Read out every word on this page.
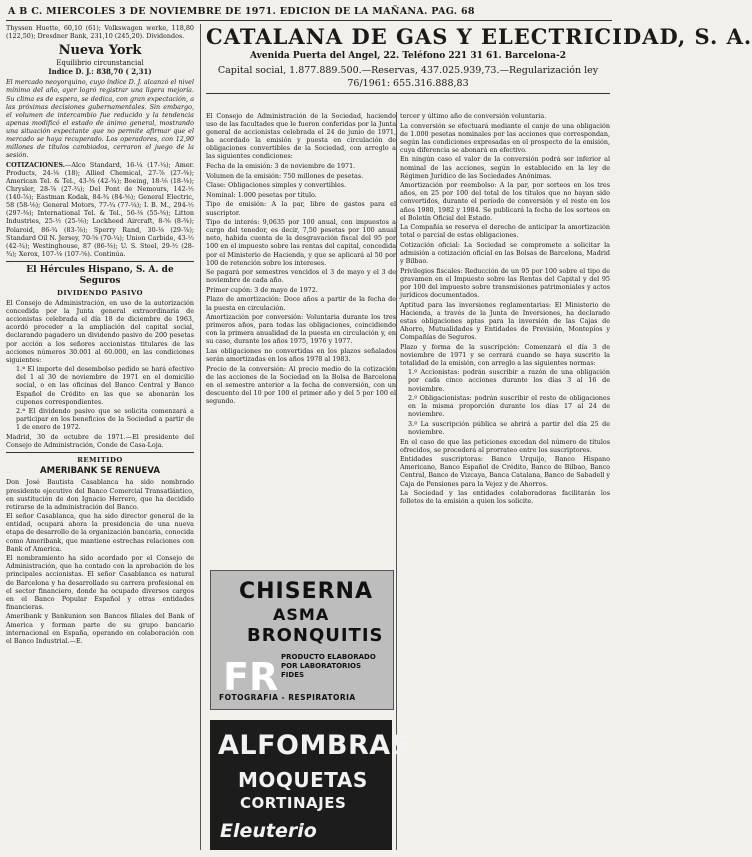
A B C. MIERCOLES 3 DE NOVIEMBRE DE 1971. EDICION DE LA MAÑANA. PAG. 68

Thyssen Huette, 60,10 (61); Volkswagen werke, 118,80 (122,50); Dresdner Bank, 231,10 (245,20). Dividendos.

Nueva York
Equilibrio circunstancial
Indice D. J.: 838,70 ( 2,31)

El mercado neoyorquino, cuyo índice D. J. alcanzó el nivel mínimo del año, ayer logró registrar una ligera mejoría. Su clima es de espera, se dedica, con gran expectación, a las próximas decisiones gubernamentales. Sin embargo, el volumen de intercambio fue reducido y la tendencia apenas modificó el estado de ánimo general, mostrando una situación expectante que no permite afirmar que el mercado se haya recuperado. Los operadores, con 12,90 millones de títulos cambiados, cerraron el juego de la sesión.

COTIZACIONES.—Alco Standard, 16-¼ (17-¼); Amer. Products, 24-⅛ (18); Allied Chemical, 27-⅞ (27-⅜); American Tel. & Tel., 43-⅝ (42-¾); Boeing, 18-⅛ (18-⅛); Chrysler, 28-⅞ (27-¾); Del Pont de Nemours, 142-½ (140-⅞); Eastman Kodak, 84-¾ (84-⅝); General Electric, 58 (58-⅛); General Motors, 77-¾ (77-¼); I. B. M., 294-½ (297-⅜); International Tel. & Tel., 56-⅛ (55-⅝); Litton Industries, 25-½ (25-⅛); Lockheed Aircraft, 8-⅝ (8-⅜); Polaroid, 86-¾ (83-⅞); Sperry Rand, 30-⅛ (29-⅞); Standard Oil N. Jersey, 70-⅝ (70-¼); Union Carbide, 43-½ (42-¾); Westinghouse, 87 (86-⅜); U. S. Steel, 29-½ (28-¾); Xerox, 107-⅛ (107-⅝). Continúa.

El Hércules Hispano, S. A. de Seguros
DIVIDENDO PASIVO

El Consejo de Administración, en uso de la autorización concedida por la Junta general extraordinaria de accionistas celebrada el día 18 de diciembre de 1963, acordó proceder a la ampliación del capital social, declarando pagadero un dividendo pasivo de 200 pesetas por acción a los señores accionistas titulares de las acciones números 30.001 al 60.000, en las condiciones siguientes:

1.ª El importe del desembolso pedido se hará efectivo del 1 al 30 de noviembre de 1971 en el domicilio social, o en las oficinas del Banco Central y Banco Español de Crédito en las que se abonarán los cupones correspondientes.

2.ª El dividendo pasivo que se solicita comenzará a participar en los beneficios de la Sociedad a partir de 1 de enero de 1972.

Madrid, 30 de octubre de 1971.—El presidente del Consejo de Administración, Conde de Casa-Loja.

REMITIDO
AMERIBANK SE RENUEVA

Don José Bautista Casablanca ha sido nombrado presidente ejecutivo del Banco Comercial Transatlántico, en sustitución de don Ignacio Herrero, que ha decidido retirarse de la administración del Banco.

El señor Casablanca, que ha sido director general de la entidad, ocupará ahora la presidencia de una nueva etapa de desarrollo de la organización bancaria, conocida como Ameribank, que mantiene estrechas relaciones con Bank of America.

El nombramiento ha sido acordado por el Consejo de Administración, que ha contado con la aprobación de los principales accionistas. El señor Casablanca es natural de Barcelona y ha desarrollado su carrera profesional en el sector financiero, donde ha ocupado diversos cargos en el Banco Popular Español y otras entidades financieras.

Ameribank y Bankunion son Bancos filiales del Bank of America y forman parte de su grupo bancario internacional en España, operando en colaboración con el Banco Industrial.—E.

CATALANA DE GAS Y ELECTRICIDAD, S. A.
Avenida Puerta del Angel, 22. Teléfono 221 31 61. Barcelona-2
Capital social, 1.877.889.500.—Reservas, 437.025.939,73.—Regularización ley 76/1961: 655.316.888,83

El Consejo de Administración de la Sociedad, haciendo uso de las facultades que le fueron conferidas por la Junta general de accionistas celebrada el 24 de junio de 1971, ha acordado la emisión y puesta en circulación de obligaciones convertibles de la Sociedad, con arreglo a las siguientes condiciones:

Fecha de la emisión: 3 de noviembre de 1971.

Volumen de la emisión: 750 millones de pesetas.

Clase: Obligaciones simples y convertibles.

Nominal: 1.000 pesetas por título.

Tipo de emisión: A la par, libre de gastos para el suscriptor.

Tipo de interés: 9,0635 por 100 anual, con impuestos a cargo del tenedor, es decir, 7,50 pesetas por 100 anual neto, habida cuenta de la desgravación fiscal del 95 por 100 en el impuesto sobre las rentas del capital, concedida por el Ministerio de Hacienda, y que se aplicará al 50 por 100 de retención sobre los intereses.

Se pagará por semestres vencidos el 3 de mayo y el 3 de noviembre de cada año.

Primer cupón: 3 de mayo de 1972.

Plazo de amortización: Doce años a partir de la fecha de la puesta en circulación.

Amortización por conversión: Voluntaria durante los tres primeros años, para todas las obligaciones, coincidiendo con la primera anualidad de la puesta en circulación y, en su caso, durante los años 1975, 1976 y 1977.

Las obligaciones no convertidas en los plazos señalados serán amortizadas en los años 1978 al 1983.

Precio de la conversión: Al precio medio de la cotización de las acciones de la Sociedad en la Bolsa de Barcelona en el semestre anterior a la fecha de conversión, con un descuento del 10 por 100 el primer año y del 5 por 100 el segundo.

tercer y último año de conversión voluntaria.

La conversión se efectuará mediante el canje de una obligación de 1.000 pesetas nominales por las acciones que correspondan, según las condiciones expresadas en el prospecto de la emisión, cuya diferencia se abonará en efectivo.

En ningún caso el valor de la conversión podrá ser inferior al nominal de las acciones, según lo establecido en la ley de Régimen Jurídico de las Sociedades Anónimas.

Amortización por reembolso: A la par, por sorteos en los tres años, en 25 por 100 del total de los títulos que no hayan sido convertidos, durante el período de conversión y el resto en los años 1980, 1982 y 1984. Se publicará la fecha de los sorteos en el Boletín Oficial del Estado.

La Compañía se reserva el derecho de anticipar la amortización total o parcial de estas obligaciones.

Cotización oficial: La Sociedad se compromete a solicitar la admisión a cotización oficial en las Bolsas de Barcelona, Madrid y Bilbao.

Privilegios fiscales: Reducción de un 95 por 100 sobre el tipo de gravamen en el Impuesto sobre las Rentas del Capital y del 95 por 100 del impuesto sobre transmisiones patrimoniales y actos jurídicos documentados.

Aptitud para las inversiones reglamentarias: El Ministerio de Hacienda, a través de la Junta de Inversiones, ha declarado estas obligaciones aptas para la inversión de las Cajas de Ahorro, Mutualidades y Entidades de Previsión, Montepíos y Compañías de Seguros.

Plazo y forma de la suscripción: Comenzará el día 3 de noviembre de 1971 y se cerrará cuando se haya suscrito la totalidad de la emisión, con arreglo a las siguientes normas:

1.º Accionistas: podrán suscribir a razón de una obligación por cada cinco acciones durante los días 3 al 16 de noviembre.

2.º Obligacionistas: podrán suscribir el resto de obligaciones en la misma proporción durante los días 17 al 24 de noviembre.

3.º La suscripción pública se abrirá a partir del día 25 de noviembre.

En el caso de que las peticiones excedan del número de títulos ofrecidos, se procederá al prorrateo entre los suscriptores.

Entidades suscriptoras: Banco Urquijo, Banco Hispano Americano, Banco Español de Crédito, Banco de Bilbao, Banco Central, Banco de Vizcaya, Banca Catalana, Banco de Sabadell y Caja de Pensiones para la Vejez y de Ahorros.

La Sociedad y las entidades colaboradoras facilitarán los folletos de la emisión a quien los solicite.

CHISERNA
ASMA
BRONQUITIS
FR PRODUCTO ELABORADO POR LABORATORIOS FIDES
FOTOGRAFIA - RESPIRATORIA
ALFOMBRAS
MOQUETAS
CORTINAJES
Eleuterio
